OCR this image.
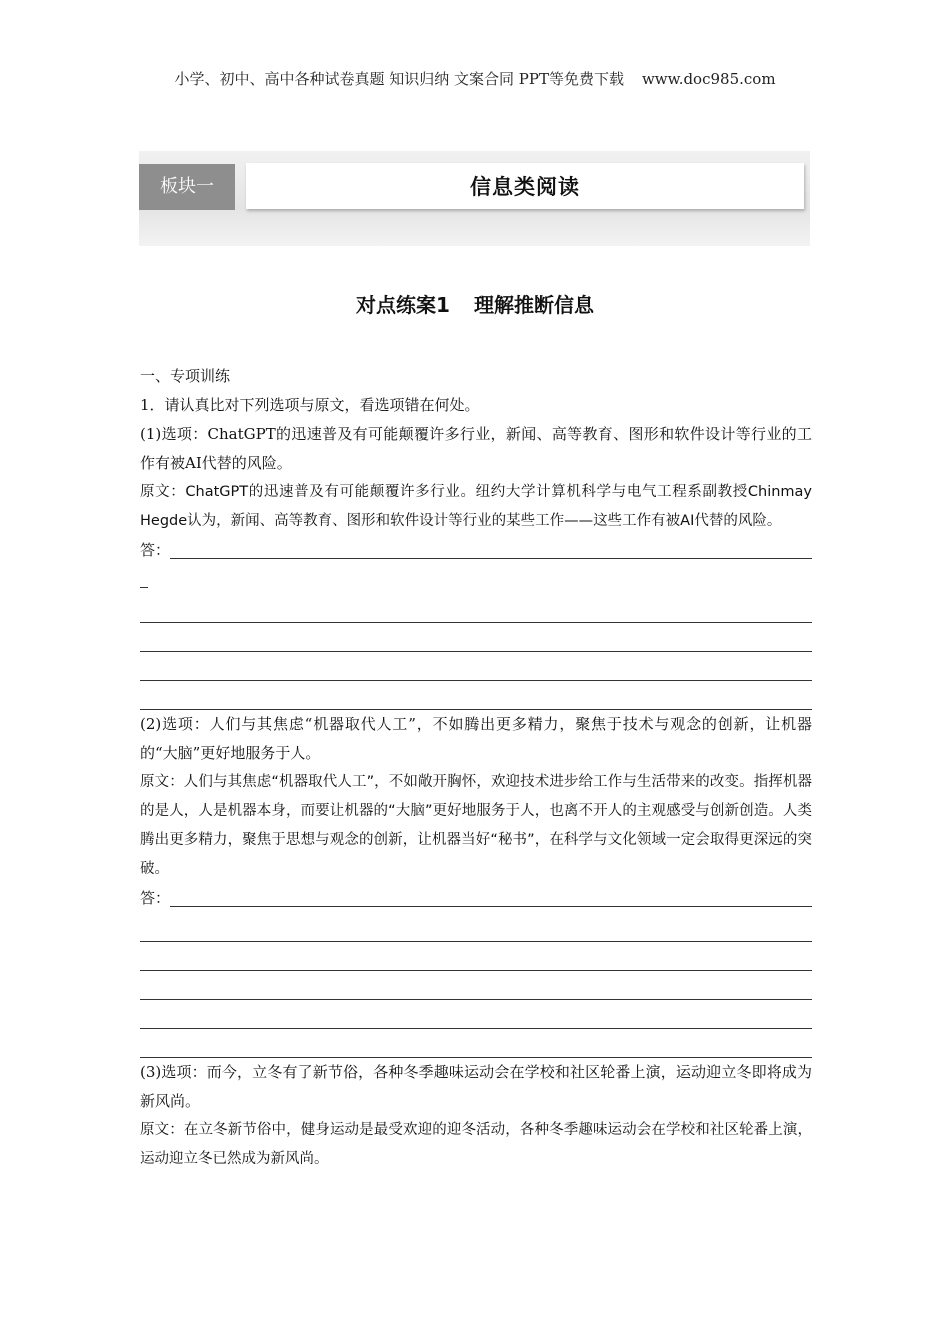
小学、初中、高中各种试卷真题 知识归纳 文案合同 PPT等免费下载 www.doc985.com
板块一	信息类阅读
对点练案1 理解推断信息

一、专项训练

1．请认真比对下列选项与原文，看选项错在何处。

(1)选项：ChatGPT的迅速普及有可能颠覆许多行业，新闻、高等教育、图形和软件设计等行业的工作有被AI代替的风险。

原文：ChatGPT的迅速普及有可能颠覆许多行业。纽约大学计算机科学与电气工程系副教授Chinmay Hegde认为，新闻、高等教育、图形和软件设计等行业的某些工作——这些工作有被AI代替的风险。

答：

(2)选项：人们与其焦虑“机器取代人工”，不如腾出更多精力，聚焦于技术与观念的创新，让机器的“大脑”更好地服务于人。

原文：人们与其焦虑“机器取代人工”，不如敞开胸怀，欢迎技术进步给工作与生活带来的改变。指挥机器的是人，人是机器本身，而要让机器的“大脑”更好地服务于人，也离不开人的主观感受与创新创造。人类腾出更多精力，聚焦于思想与观念的创新，让机器当好“秘书”，在科学与文化领域一定会取得更深远的突破。

答：

(3)选项：而今，立冬有了新节俗，各种冬季趣味运动会在学校和社区轮番上演，运动迎立冬即将成为新风尚。

原文：在立冬新节俗中，健身运动是最受欢迎的迎冬活动，各种冬季趣味运动会在学校和社区轮番上演，运动迎立冬已然成为新风尚。
